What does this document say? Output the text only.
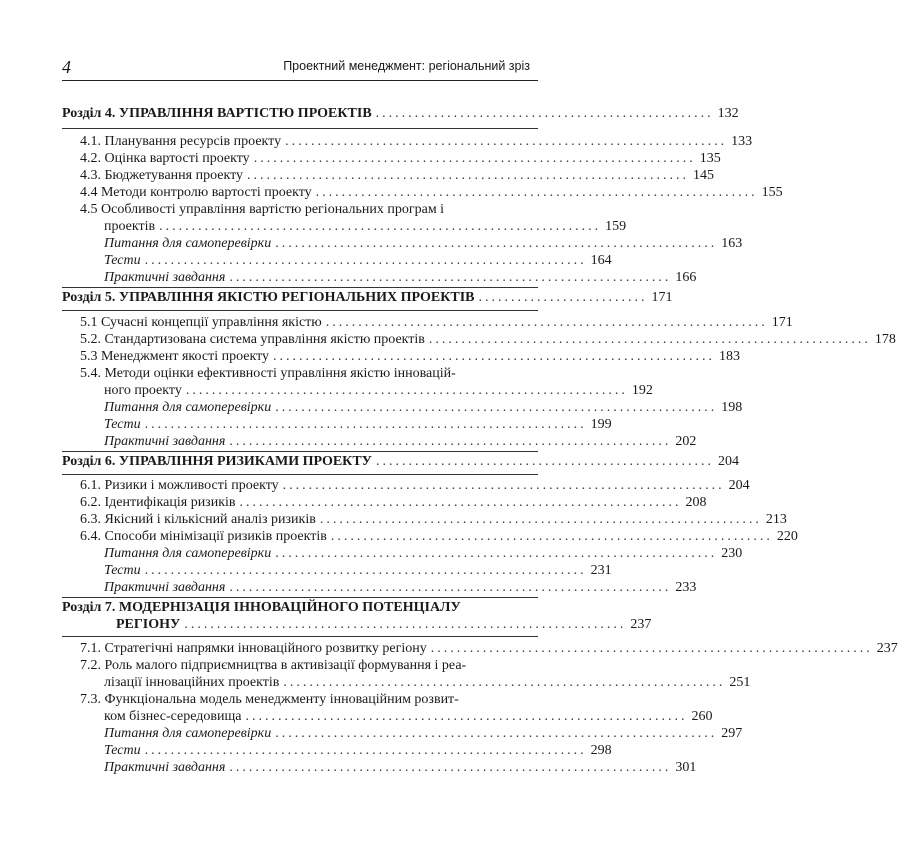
4	Проектний менеджмент: регіональний зріз
Розділ 4. УПРАВЛІННЯ ВАРТІСТЮ ПРОЕКТІВ .................................................... 132
4.1. Планування ресурсів проекту .................................................................... 133
4.2. Оцінка вартості проекту .................................................................... 135
4.3. Бюджетування проекту .................................................................... 145
4.4 Методи контролю вартості проекту .................................................................... 155
4.5 Особливості управління вартістю регіональних програм і
проектів .................................................................... 159
Питання для самоперевірки .................................................................... 163
Тести .................................................................... 164
Практичні завдання .................................................................... 166
Розділ 5. УПРАВЛІННЯ ЯКІСТЮ РЕГІОНАЛЬНИХ ПРОЕКТІВ .......................... 171
5.1 Сучасні концепції управління якістю .................................................................... 171
5.2. Стандартизована система управління якістю проектів .................................................................... 178
5.3 Менеджмент якості проекту .................................................................... 183
5.4. Методи оцінки ефективності управління якістю інновацій-
ного проекту .................................................................... 192
Питання для самоперевірки .................................................................... 198
Тести .................................................................... 199
Практичні завдання .................................................................... 202
Розділ 6. УПРАВЛІННЯ РИЗИКАМИ ПРОЕКТУ .................................................... 204
6.1. Ризики і можливості проекту .................................................................... 204
6.2. Ідентифікація ризиків .................................................................... 208
6.3. Якісний і кількісний аналіз ризиків .................................................................... 213
6.4. Способи мінімізації ризиків проектів .................................................................... 220
Питання для самоперевірки .................................................................... 230
Тести .................................................................... 231
Практичні завдання .................................................................... 233
Розділ 7. МОДЕРНІЗАЦІЯ ІННОВАЦІЙНОГО ПОТЕНЦІАЛУ
РЕГІОНУ .................................................................... 237
7.1. Стратегічні напрямки інноваційного розвитку регіону .................................................................... 237
7.2. Роль малого підприємництва в активізації формування і реа-
лізації інноваційних проектів .................................................................... 251
7.3. Функціональна модель менеджменту інноваційним розвит-
ком бізнес-середовища .................................................................... 260
Питання для самоперевірки .................................................................... 297
Тести .................................................................... 298
Практичні завдання .................................................................... 301
